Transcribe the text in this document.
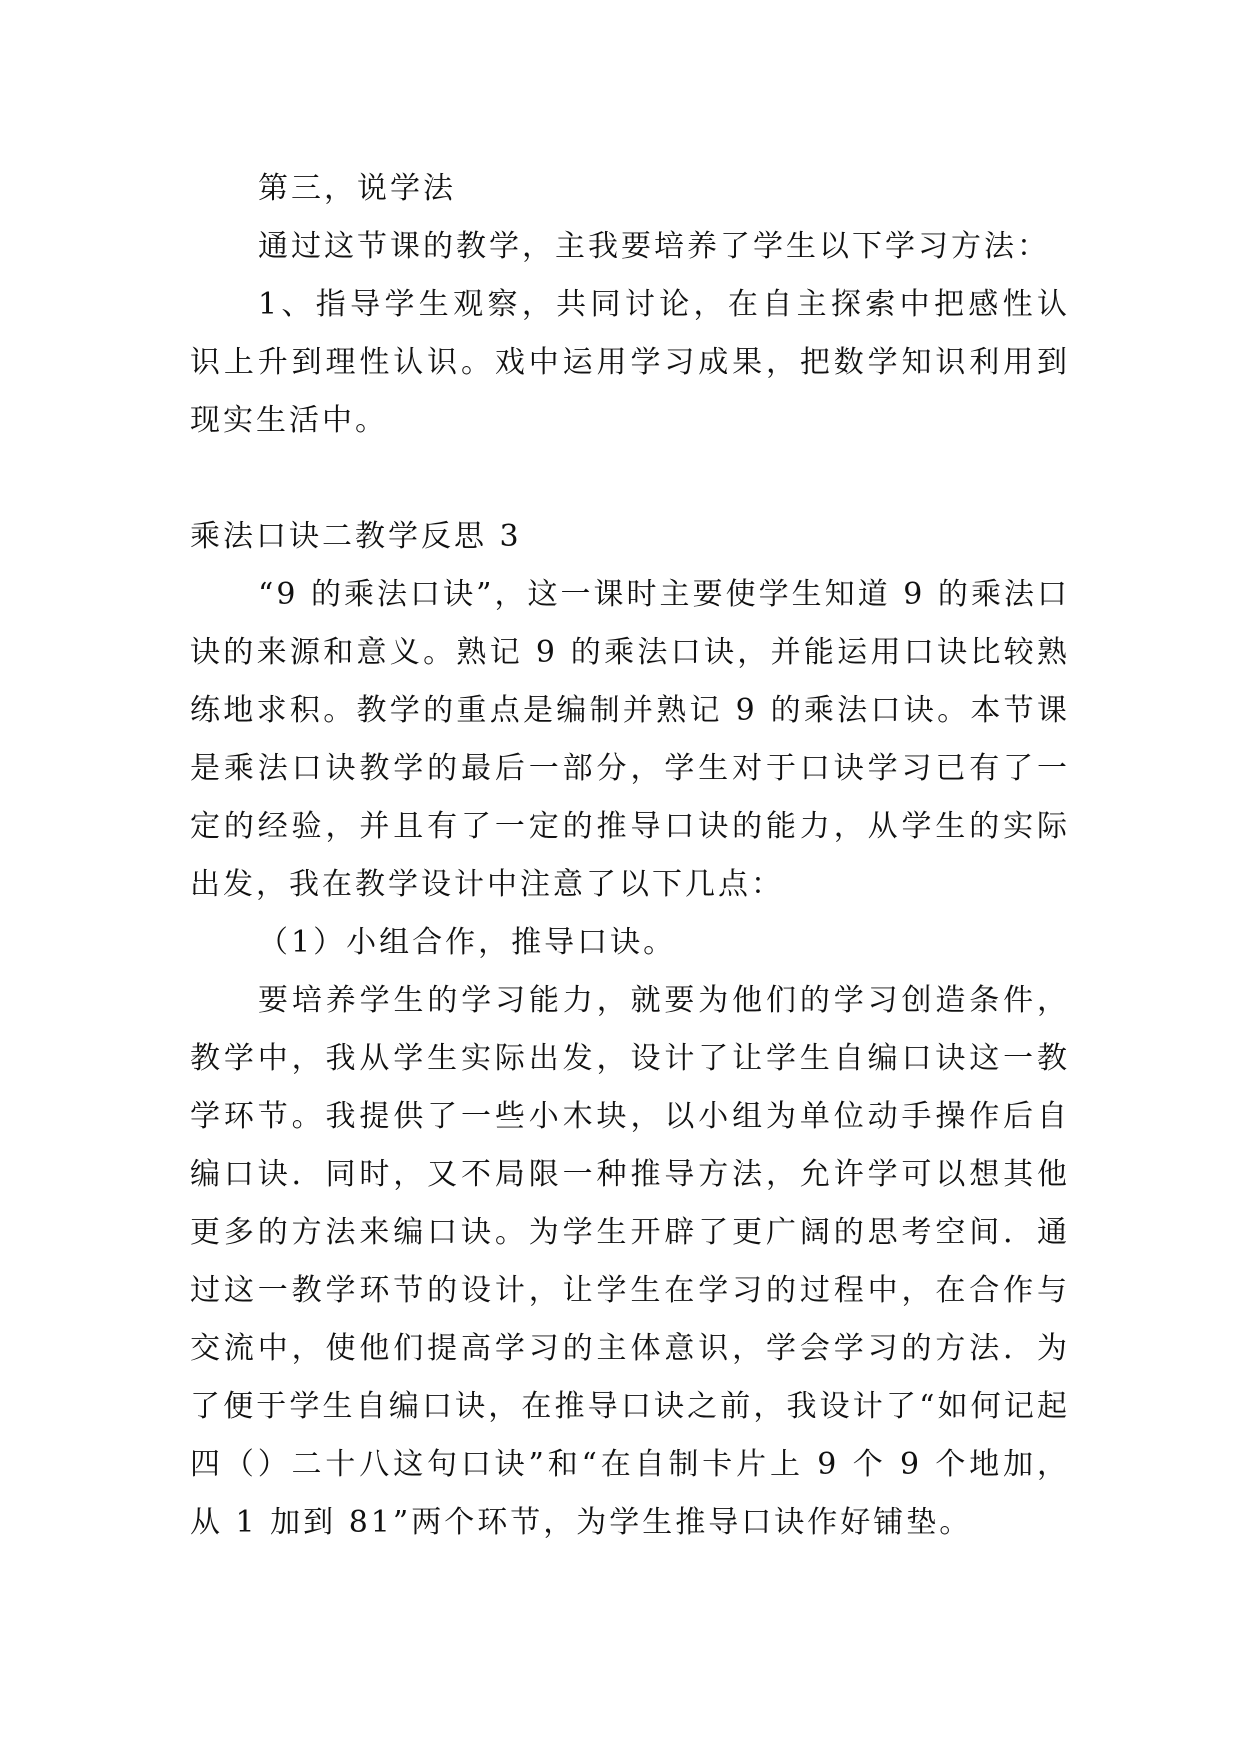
第三，说学法

通过这节课的教学，主我要培养了学生以下学习方法：

1、指导学生观察，共同讨论，在自主探索中把感性认识上升到理性认识。戏中运用学习成果，把数学知识利用到现实生活中。

乘法口诀二教学反思 3

“9 的乘法口诀”，这一课时主要使学生知道 9 的乘法口诀的来源和意义。熟记 9 的乘法口诀，并能运用口诀比较熟练地求积。教学的重点是编制并熟记 9 的乘法口诀。本节课是乘法口诀教学的最后一部分，学生对于口诀学习已有了一定的经验，并且有了一定的推导口诀的能力，从学生的实际出发，我在教学设计中注意了以下几点：

（1）小组合作，推导口诀。

要培养学生的学习能力，就要为他们的学习创造条件，教学中，我从学生实际出发，设计了让学生自编口诀这一教学环节。我提供了一些小木块，以小组为单位动手操作后自编口诀．同时，又不局限一种推导方法，允许学可以想其他更多的方法来编口诀。为学生开辟了更广阔的思考空间．通过这一教学环节的设计，让学生在学习的过程中，在合作与交流中，使他们提高学习的主体意识，学会学习的方法．为了便于学生自编口诀，在推导口诀之前，我设计了“如何记起四（）二十八这句口诀”和“在自制卡片上 9 个 9 个地加，从 1 加到 81”两个环节，为学生推导口诀作好铺垫。
